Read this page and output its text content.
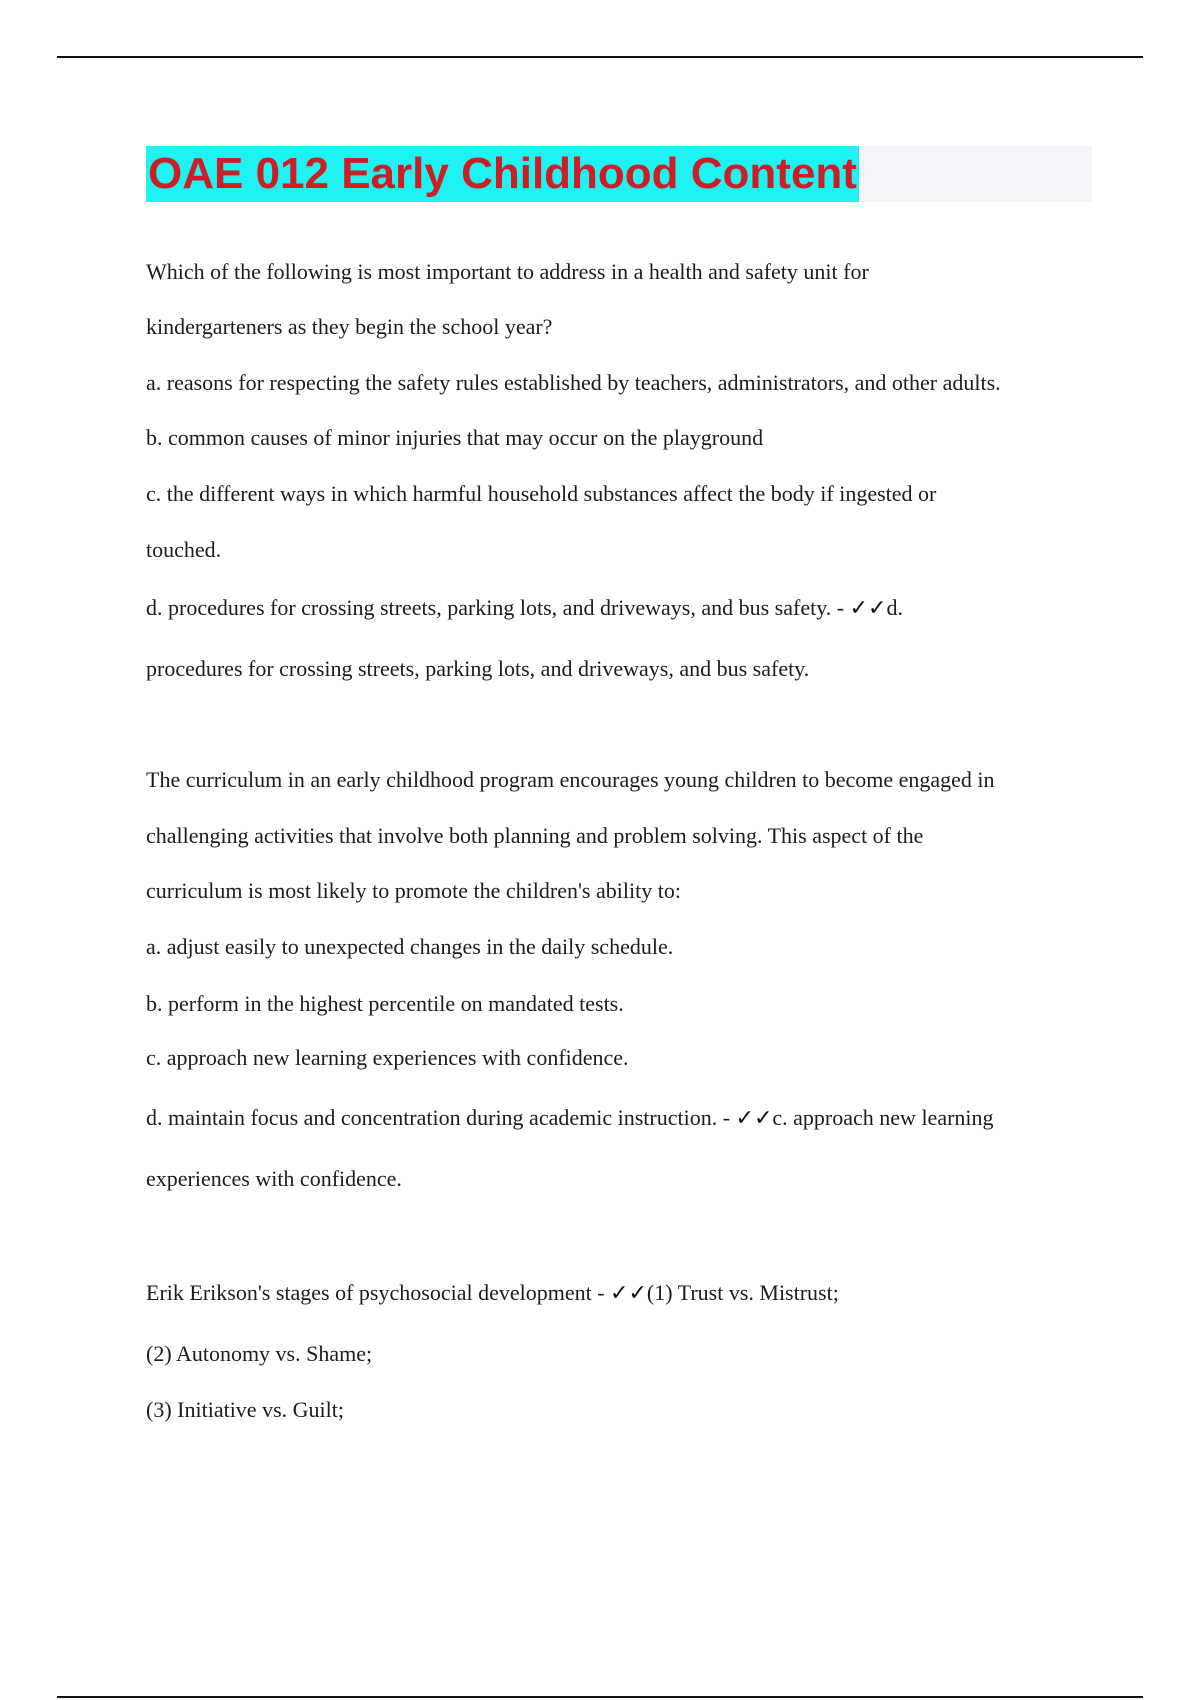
OAE 012 Early Childhood Content
Which of the following is most important to address in a health and safety unit for
kindergarteners as they begin the school year?
a. reasons for respecting the safety rules established by teachers, administrators, and other adults.
b. common causes of minor injuries that may occur on the playground
c. the different ways in which harmful household substances affect the body if ingested or
touched.
d. procedures for crossing streets, parking lots, and driveways, and bus safety. - ✓✓d.
procedures for crossing streets, parking lots, and driveways, and bus safety.
The curriculum in an early childhood program encourages young children to become engaged in
challenging activities that involve both planning and problem solving. This aspect of the
curriculum is most likely to promote the children's ability to:
a. adjust easily to unexpected changes in the daily schedule.
b. perform in the highest percentile on mandated tests.
c. approach new learning experiences with confidence.
d. maintain focus and concentration during academic instruction. - ✓✓c. approach new learning
experiences with confidence.
Erik Erikson's stages of psychosocial development - ✓✓(1) Trust vs. Mistrust;
(2) Autonomy vs. Shame;
(3) Initiative vs. Guilt;
